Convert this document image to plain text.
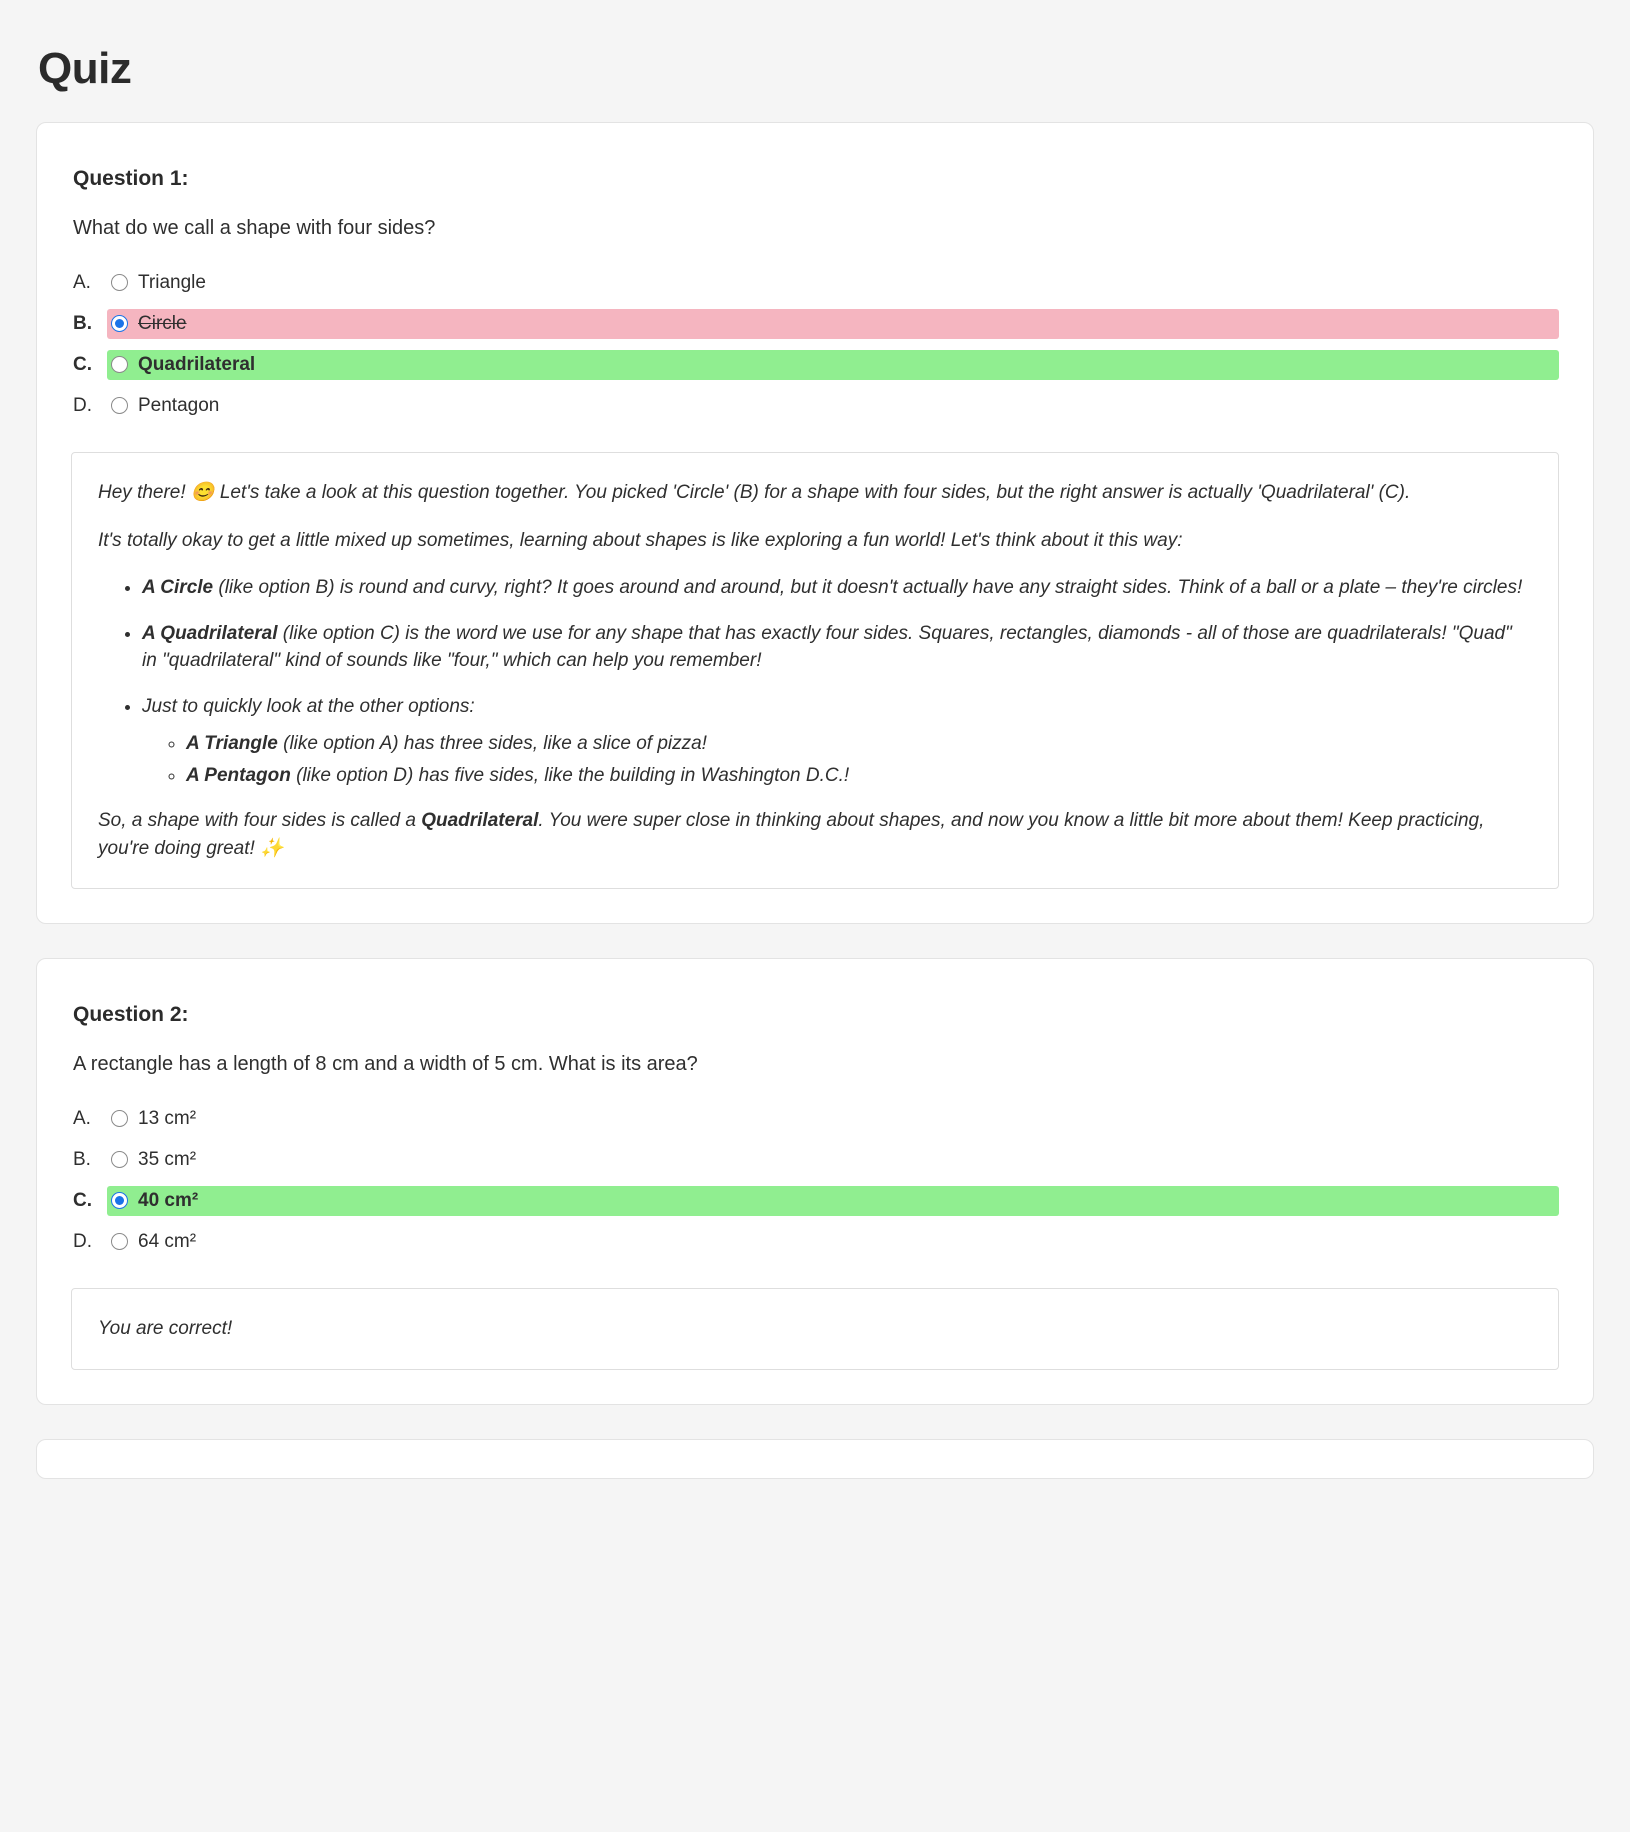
Quiz
Question 1:
What do we call a shape with four sides?
A.	Triangle
B.	Circle
C.	Quadrilateral
D.	Pentagon

Hey there! 😊 Let's take a look at this question together. You picked 'Circle' (B) for a shape with four sides, but the right answer is actually 'Quadrilateral' (C).

It's totally okay to get a little mixed up sometimes, learning about shapes is like exploring a fun world! Let's think about it this way:

• A Circle (like option B) is round and curvy, right? It goes around and around, but it doesn't actually have any straight sides. Think of a ball or a plate – they're circles!
• A Quadrilateral (like option C) is the word we use for any shape that has exactly four sides. Squares, rectangles, diamonds - all of those are quadrilaterals! "Quad" in "quadrilateral" kind of sounds like "four," which can help you remember!
• Just to quickly look at the other options:
◦ A Triangle (like option A) has three sides, like a slice of pizza!
◦ A Pentagon (like option D) has five sides, like the building in Washington D.C.!

So, a shape with four sides is called a Quadrilateral. You were super close in thinking about shapes, and now you know a little bit more about them! Keep practicing, you're doing great! ✨

Question 2:
A rectangle has a length of 8 cm and a width of 5 cm. What is its area?
A.	13 cm²
B.	35 cm²
C.	40 cm²
D.	64 cm²

You are correct!
